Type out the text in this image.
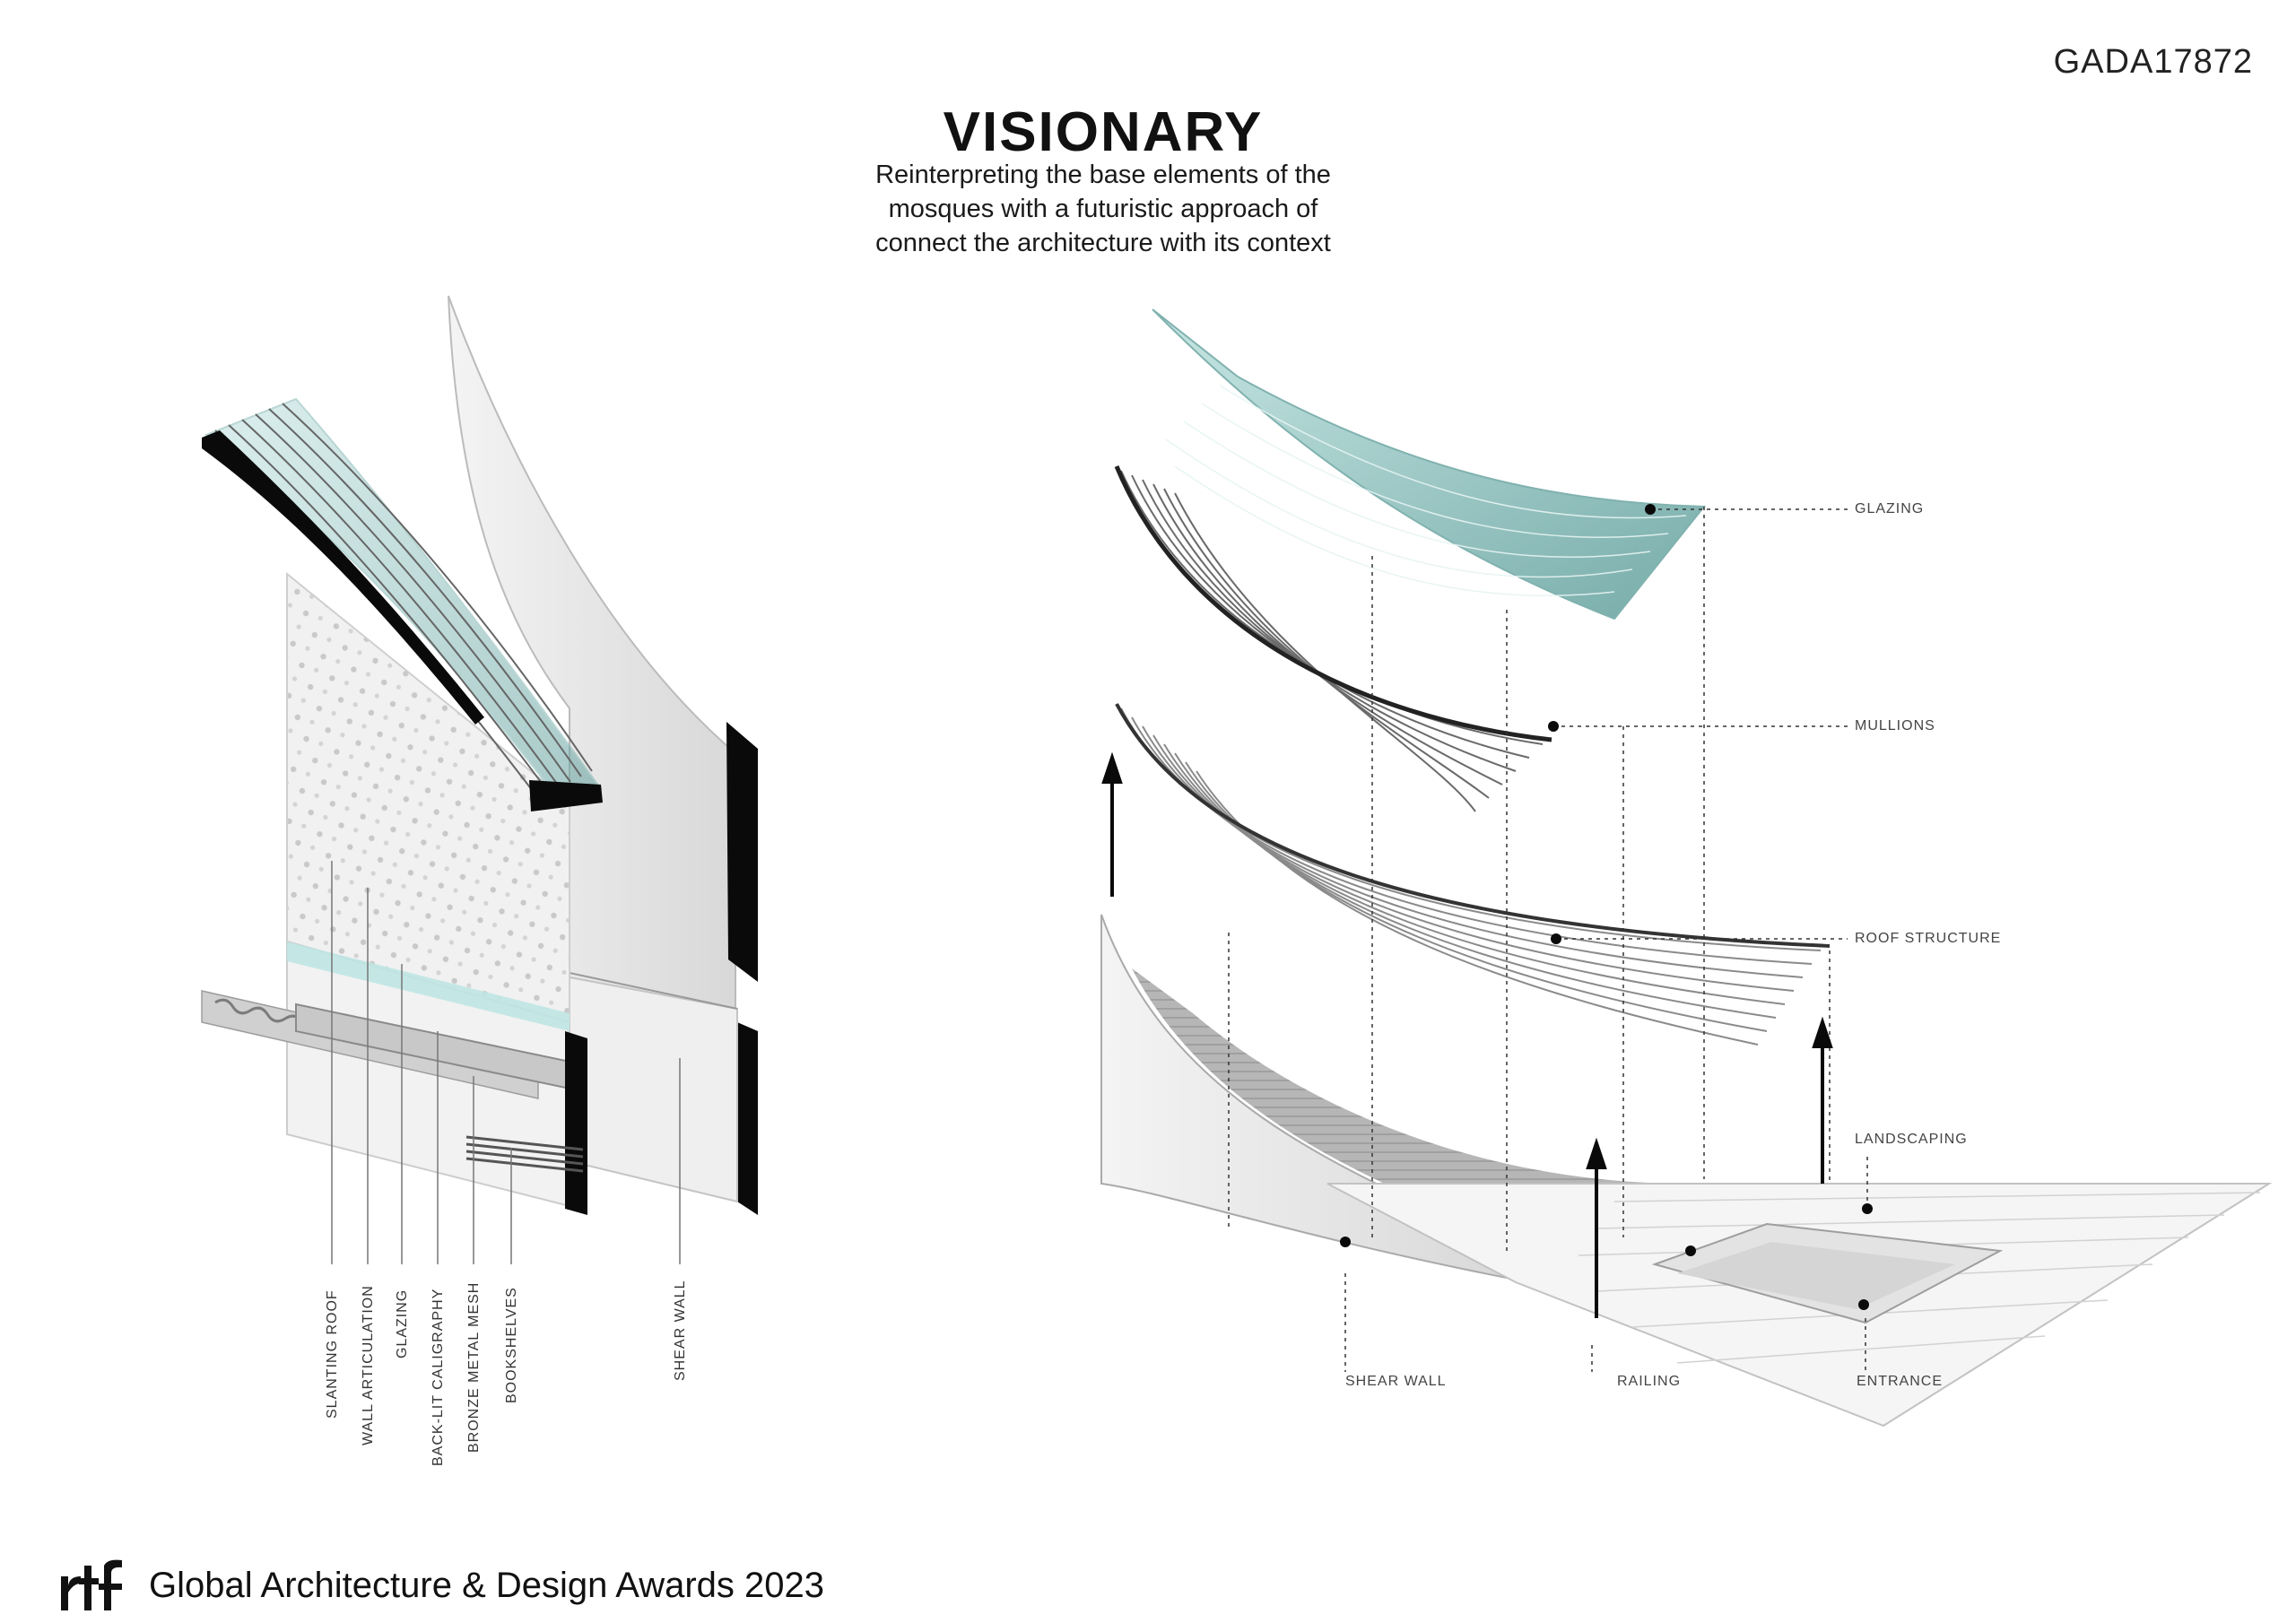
GADA17872
VISIONARY
Reinterpreting the base elements of the
mosques with a futuristic approach of
connect the architecture with its context
SLANTING ROOF WALL ARTICULATION GLAZING BACK-LIT CALIGRAPHY BRONZE METAL MESH BOOKSHELVES	SHEAR WALL
GLAZING
MULLIONS
ROOF STRUCTURE
LANDSCAPING
SHEAR WALL	RAILING	ENTRANCE
Global Architecture & Design Awards 2023
